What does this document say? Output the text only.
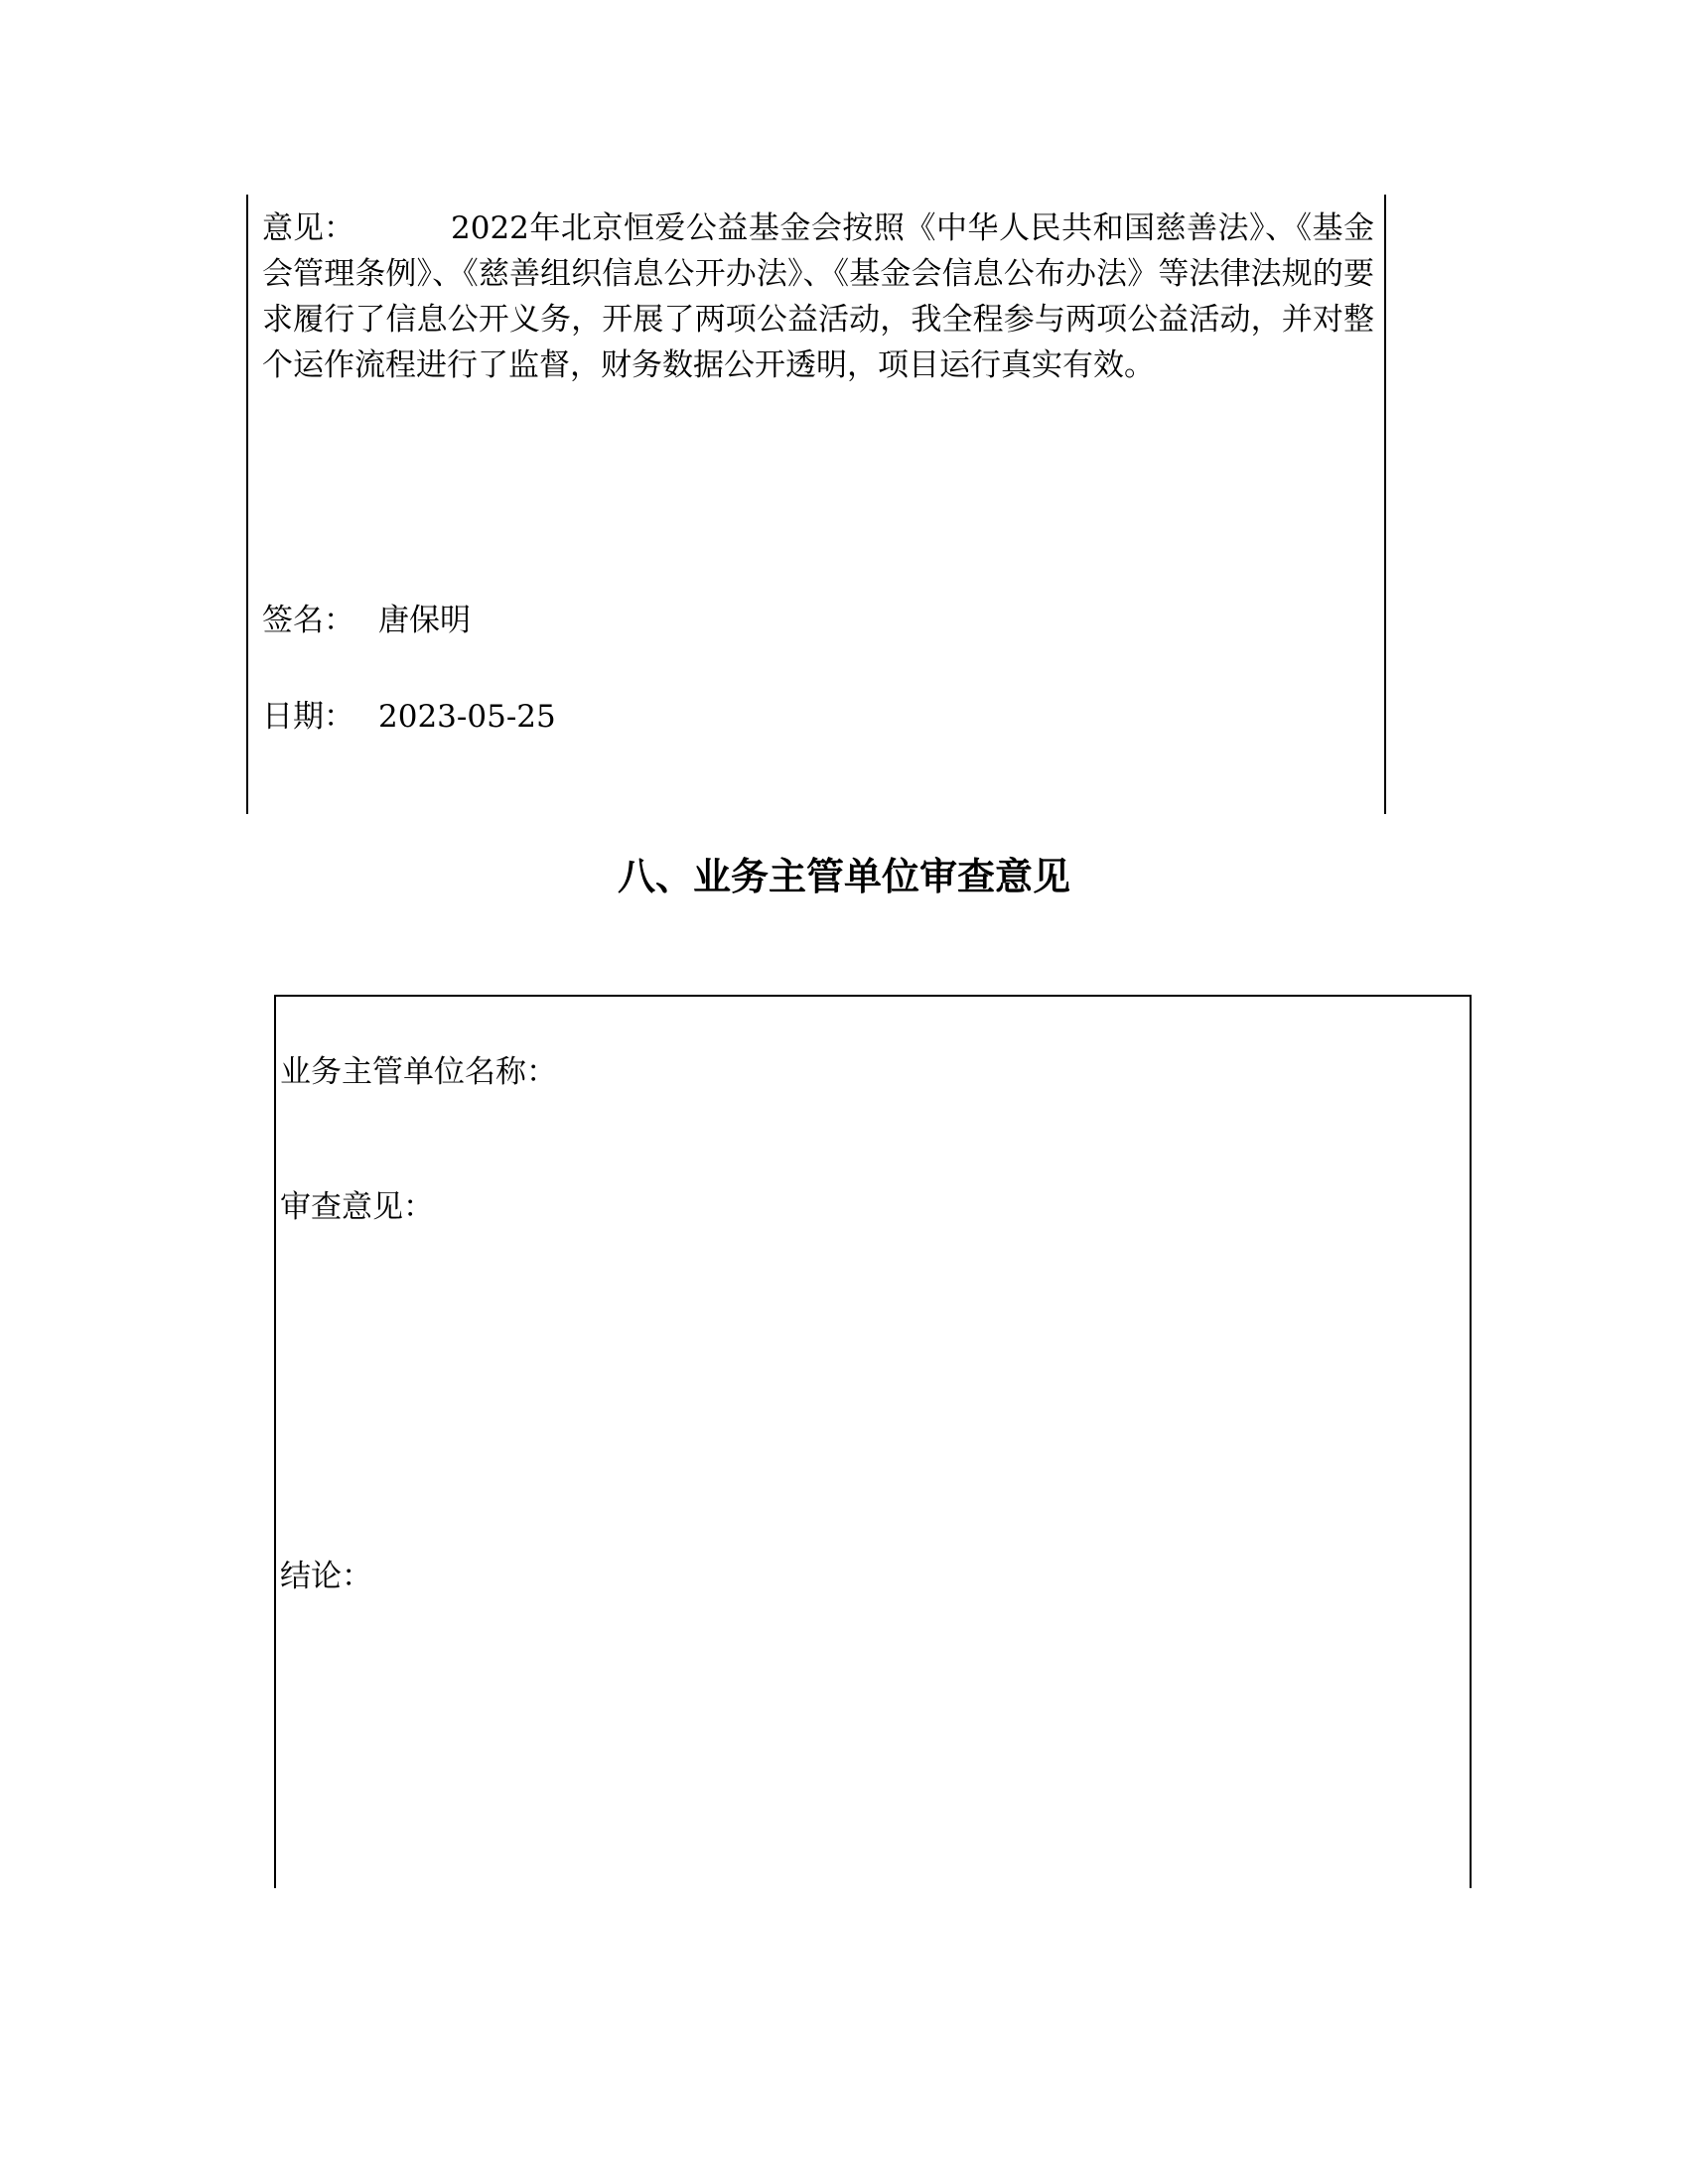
意见：	2022年北京恒爱公益基金会按照《中华人民共和国慈善法》、《基金会管理条例》、《慈善组织信息公开办法》、《基金会信息公布办法》等法律法规的要求履行了信息公开义务，开展了两项公益活动，我全程参与两项公益活动，并对整个运作流程进行了监督，财务数据公开透明，项目运行真实有效。
签名： 唐保明
日期： 2023-05-25
八、业务主管单位审查意见
业务主管单位名称：
审查意见：
结论：
